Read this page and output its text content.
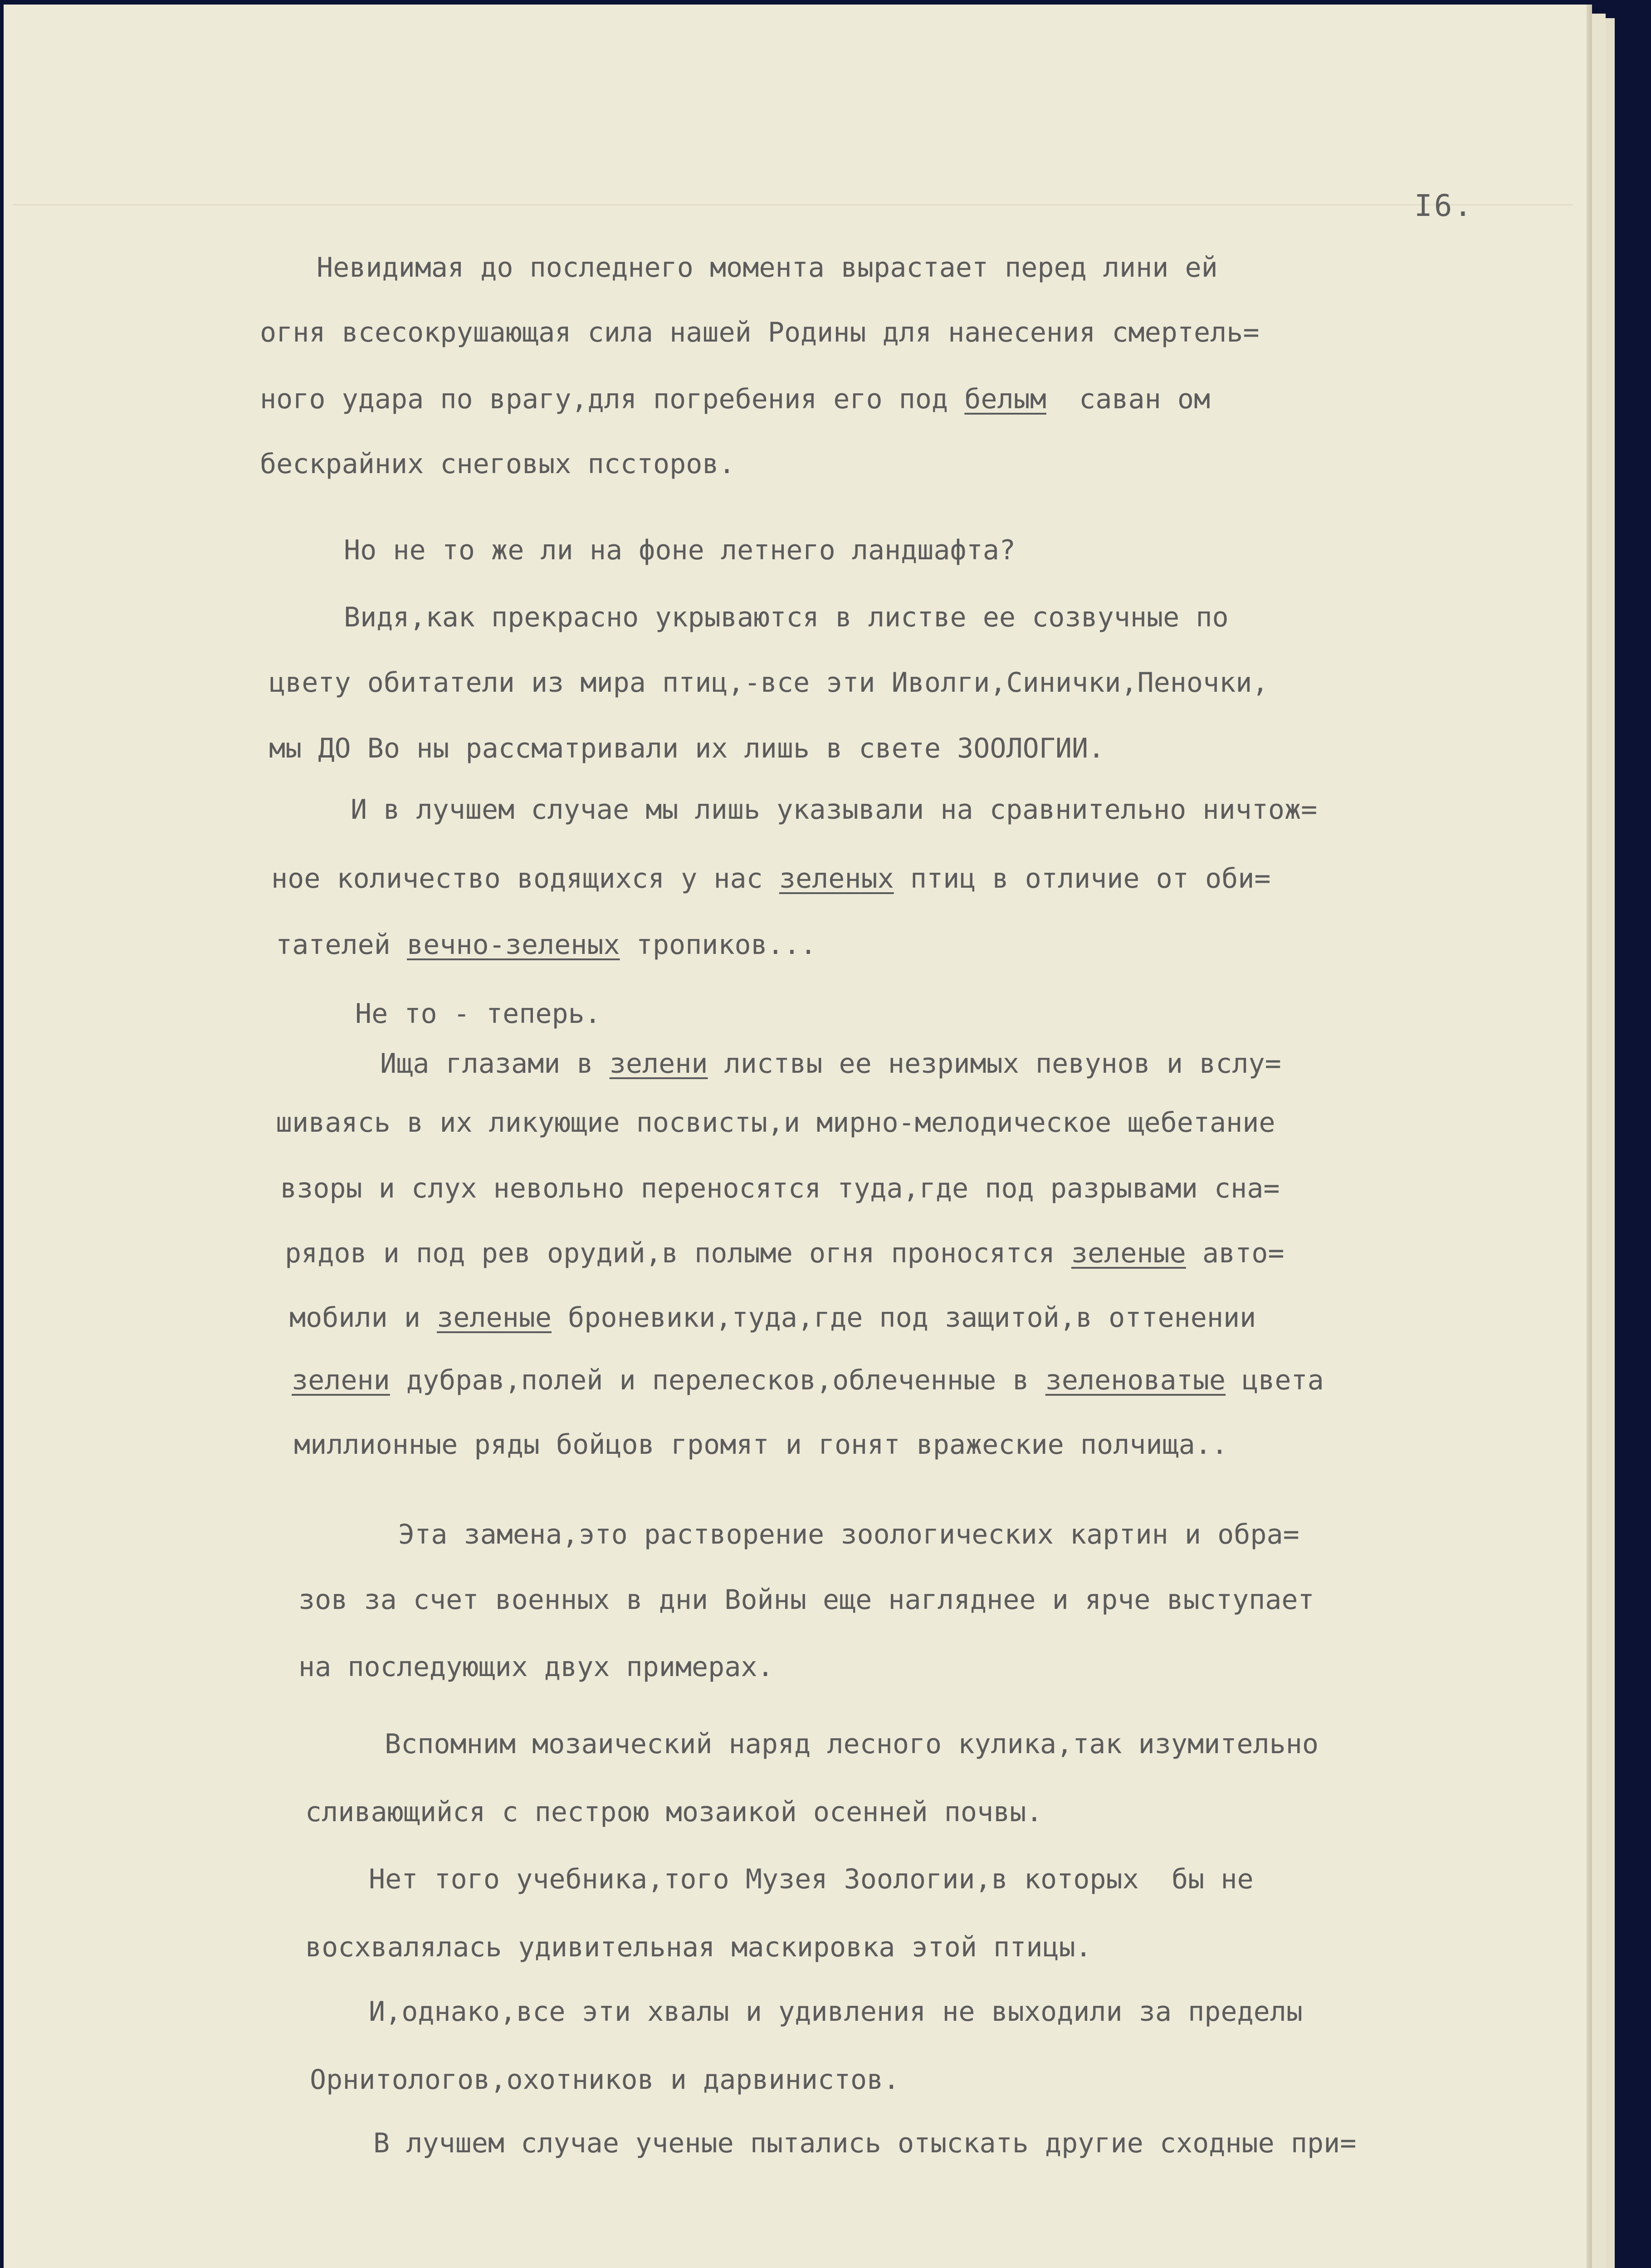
I6.
Невидимая до последнего момента вырастает перед лини ей
огня всесокрушающая сила нашей Родины для нанесения смертель=
ного удара по врагу,для погребения его под белым  саван ом
бескрайних снеговых пссторов.
Но не то же ли на фоне летнего ландшафта?
Видя,как прекрасно укрываются в листве ее созвучные по
цвету обитатели из мира птиц,-все эти Иволги,Синички,Пеночки,
мы ДО Во ны рассматривали их лишь в свете ЗООЛОГИИ.
И в лучшем случае мы лишь указывали на сравнительно ничтож=
ное количество водящихся у нас зеленых птиц в отличие от оби=
тателей вечно-зеленых тропиков...
Не то - теперь.
Ища глазами в зелени листвы ее незримых певунов и вслу=
шиваясь в их ликующие посвисты,и мирно-мелодическое щебетание
взоры и слух невольно переносятся туда,где под разрывами сна=
рядов и под рев орудий,в полыме огня проносятся зеленые авто=
мобили и зеленые броневики,туда,где под защитой,в оттенении
зелени дубрав,полей и перелесков,облеченные в зеленоватые цвета
миллионные ряды бойцов громят и гонят вражеские полчища..
Эта замена,это растворение зоологических картин и обра=
зов за счет военных в дни Войны еще нагляднее и ярче выступает
на последующих двух примерах.
Вспомним мозаический наряд лесного кулика,так изумительно
сливающийся с пестрою мозаикой осенней почвы.
Нет того учебника,того Музея Зоологии,в которых  бы не
восхвалялась удивительная маскировка этой птицы.
И,однако,все эти хвалы и удивления не выходили за пределы
Орнитологов,охотников и дарвинистов.
В лучшем случае ученые пытались отыскать другие сходные при=
